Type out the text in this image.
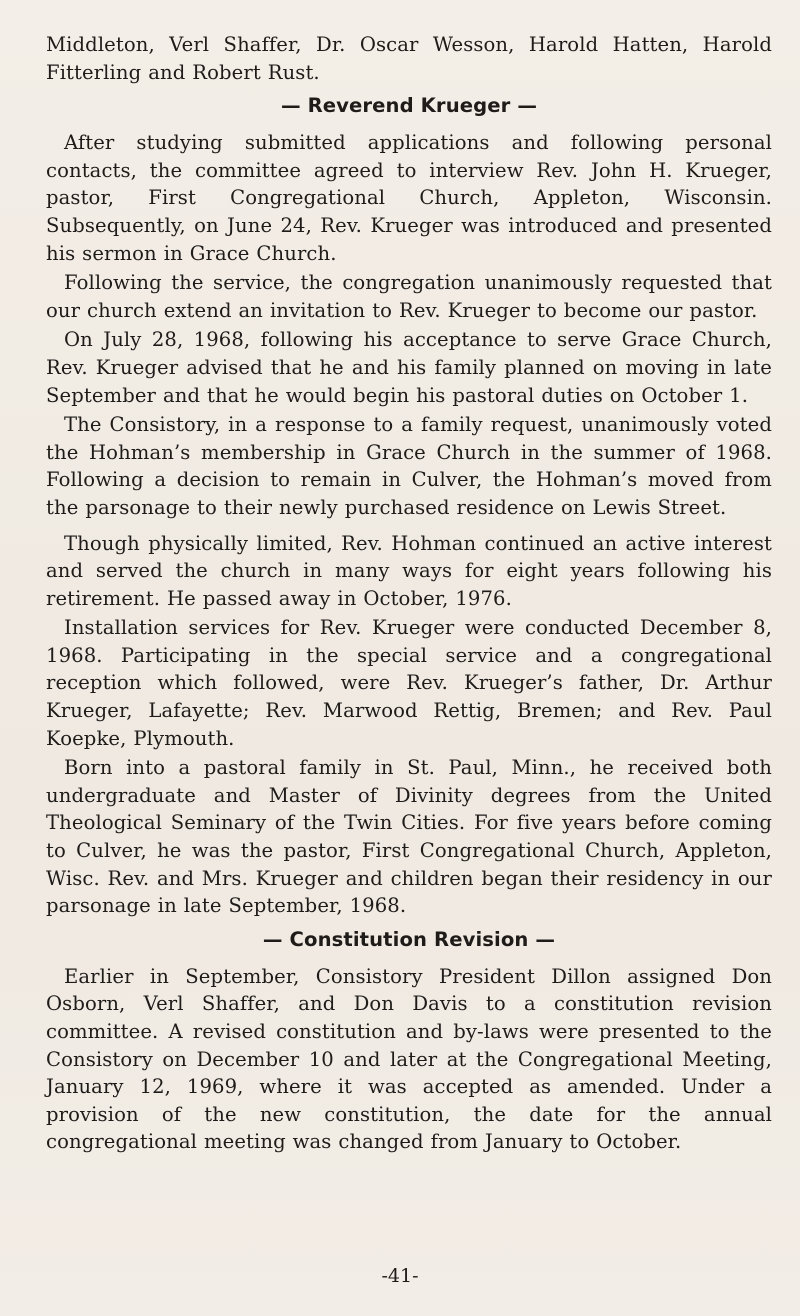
Middleton, Verl Shaffer, Dr. Oscar Wesson, Harold Hatten, Harold Fitterling and Robert Rust.

— Reverend Krueger —

After studying submitted applications and following personal contacts, the committee agreed to interview Rev. John H. Krueger, pastor, First Congregational Church, Appleton, Wisconsin. Subsequently, on June 24, Rev. Krueger was introduced and presented his sermon in Grace Church.

Following the service, the congregation unanimously requested that our church extend an invitation to Rev. Krueger to become our pastor.

On July 28, 1968, following his acceptance to serve Grace Church, Rev. Krueger advised that he and his family planned on moving in late September and that he would begin his pastoral duties on October 1.

The Consistory, in a response to a family request, unanimously voted the Hohman’s membership in Grace Church in the summer of 1968. Following a decision to remain in Culver, the Hohman’s moved from the parsonage to their newly purchased residence on Lewis Street.

Though physically limited, Rev. Hohman continued an active interest and served the church in many ways for eight years following his retirement. He passed away in October, 1976.

Installation services for Rev. Krueger were conducted December 8, 1968. Participating in the special service and a congregational reception which followed, were Rev. Krueger’s father, Dr. Arthur Krueger, Lafayette; Rev. Marwood Rettig, Bremen; and Rev. Paul Koepke, Plymouth.

Born into a pastoral family in St. Paul, Minn., he received both undergraduate and Master of Divinity degrees from the United Theological Seminary of the Twin Cities. For five years before coming to Culver, he was the pastor, First Congregational Church, Appleton, Wisc. Rev. and Mrs. Krueger and children began their residency in our parsonage in late September, 1968.

— Constitution Revision —

Earlier in September, Consistory President Dillon assigned Don Osborn, Verl Shaffer, and Don Davis to a constitution revision committee. A revised constitution and by-laws were presented to the Consistory on December 10 and later at the Congregational Meeting, January 12, 1969, where it was accepted as amended. Under a provision of the new constitution, the date for the annual congregational meeting was changed from January to October.

-41-
